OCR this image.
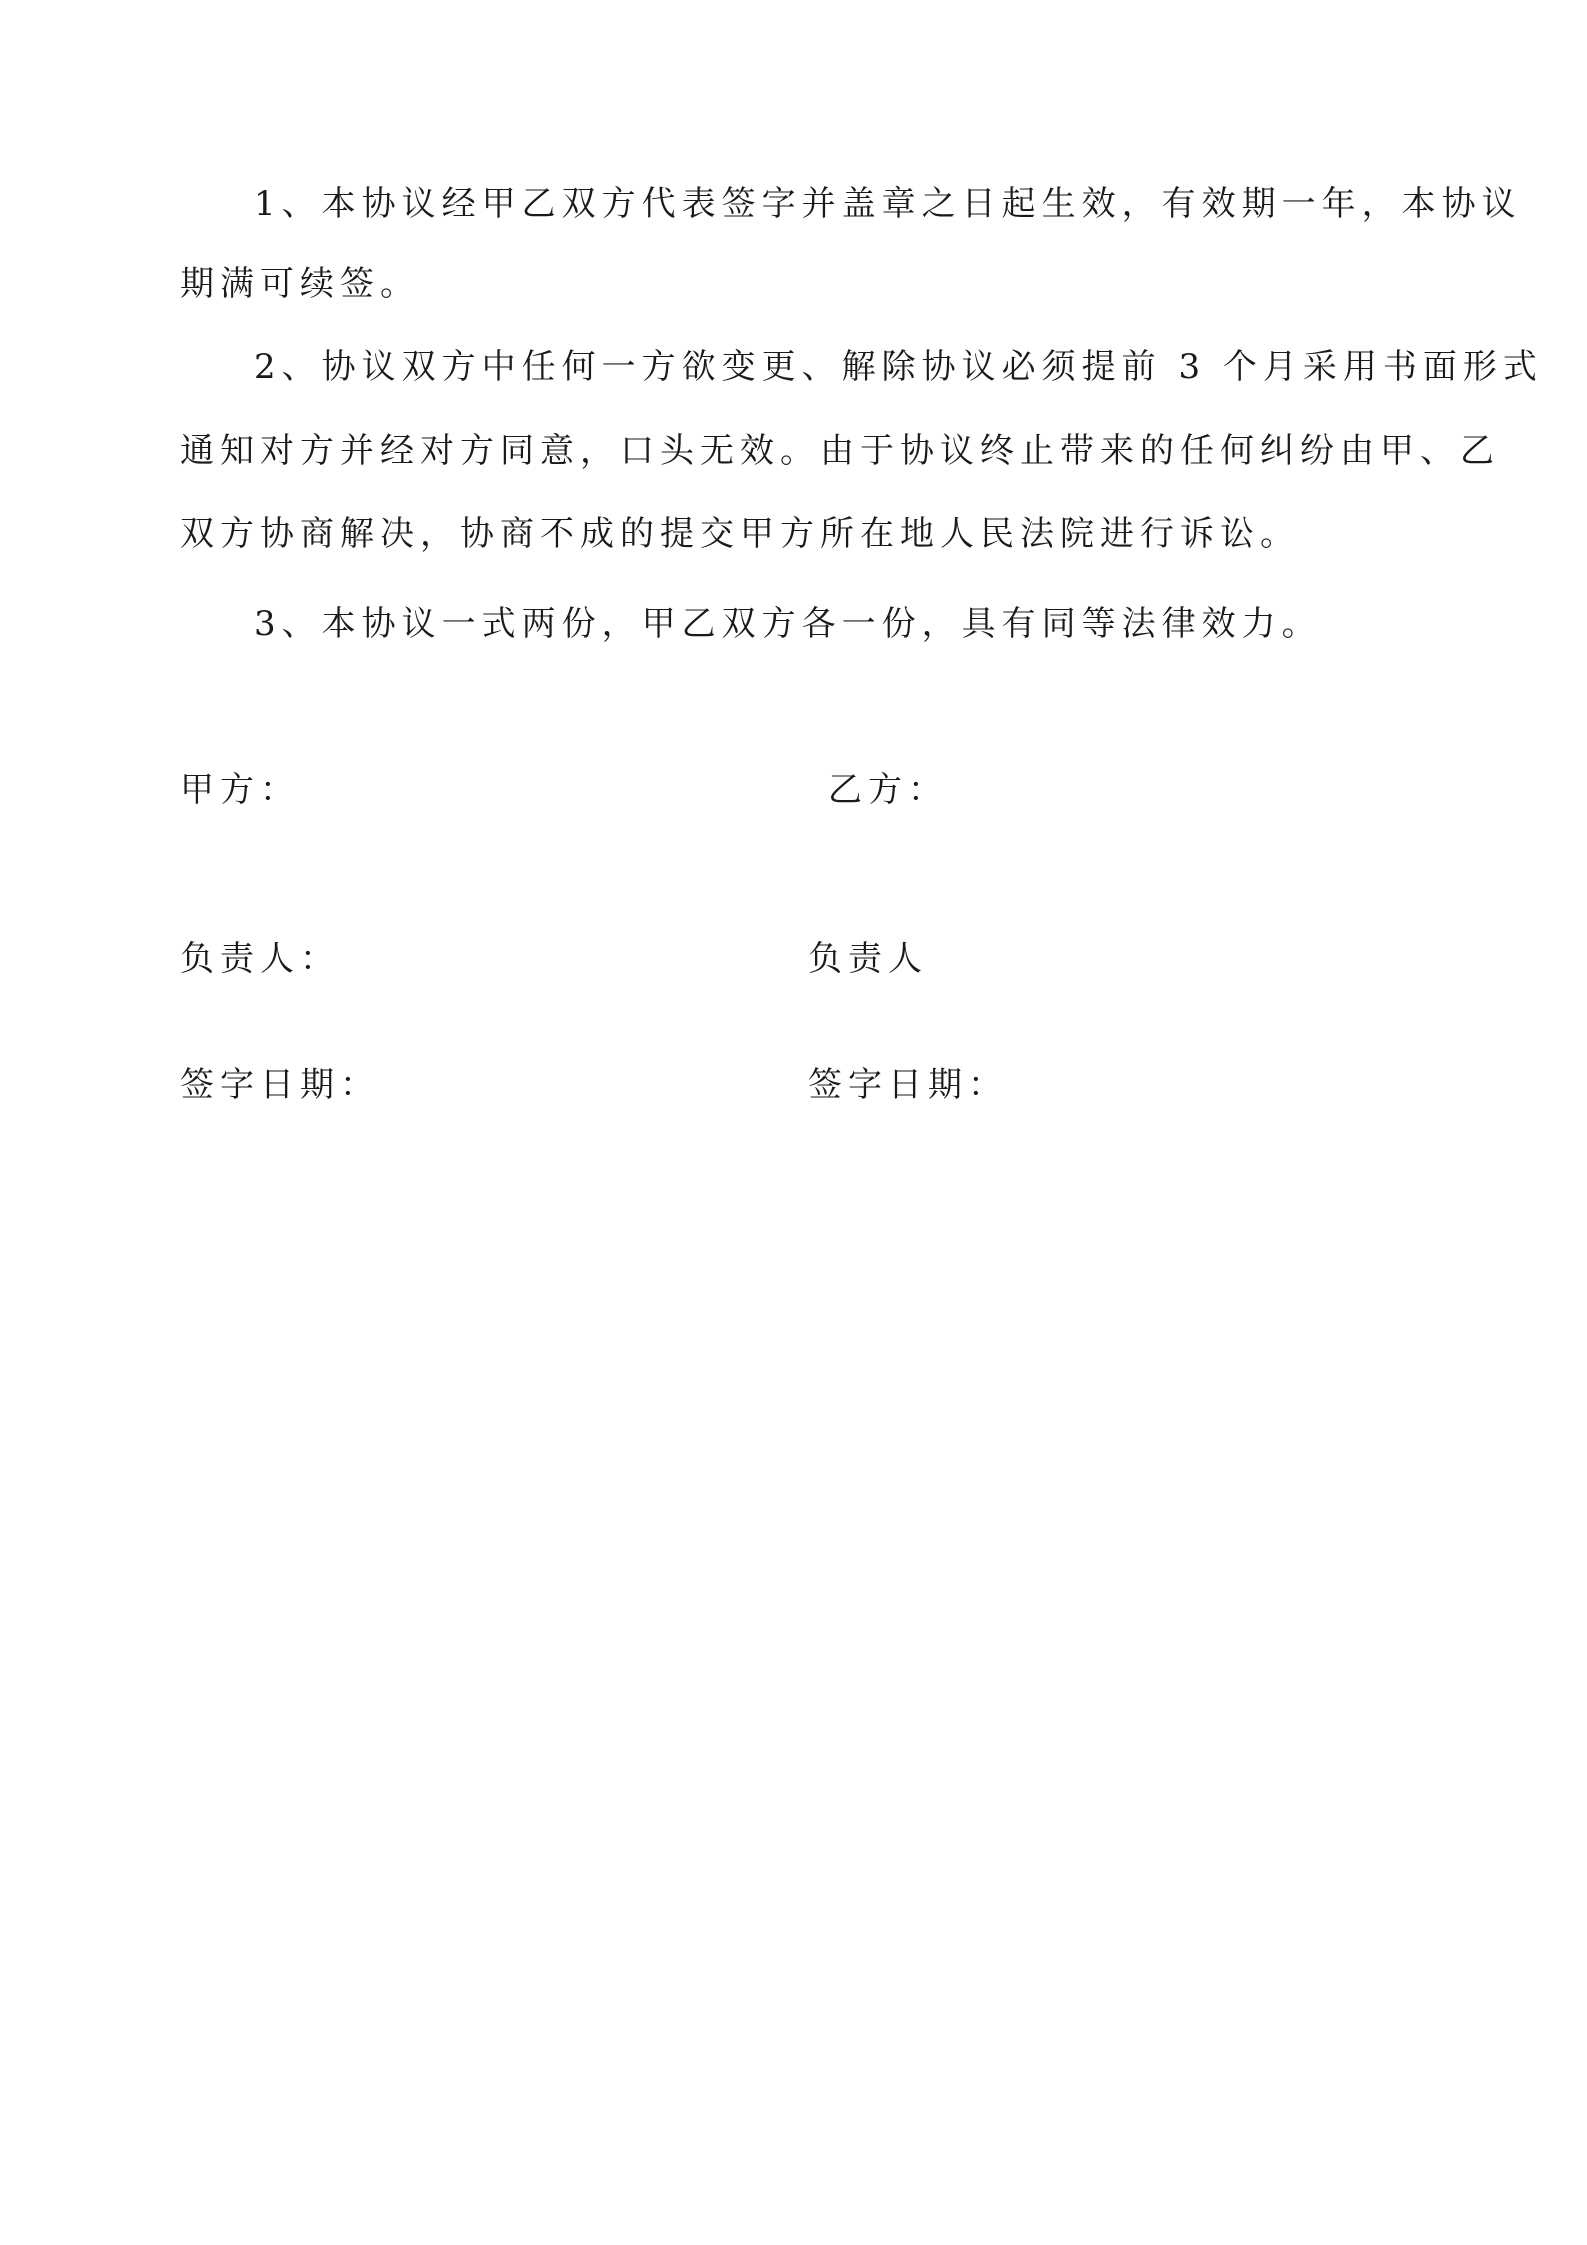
1、本协议经甲乙双方代表签字并盖章之日起生效，有效期一年，本协议
期满可续签。
2、协议双方中任何一方欲变更、解除协议必须提前 3 个月采用书面形式
通知对方并经对方同意，口头无效。由于协议终止带来的任何纠纷由甲、乙
双方协商解决，协商不成的提交甲方所在地人民法院进行诉讼。
3、本协议一式两份，甲乙双方各一份，具有同等法律效力。
甲方：	乙方：
负责人：	负责人
签字日期：	签字日期：
